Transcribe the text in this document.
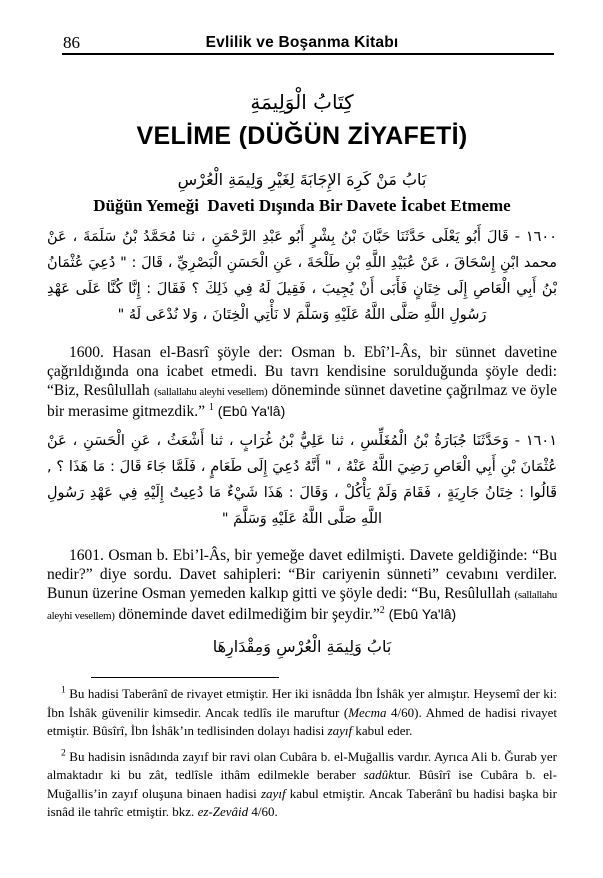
86	Evlilik ve Boşanma Kitabı
كِتَابُ الْوَلِيمَةِ
VELİME (DÜĞÜN ZİYAFETİ)
بَابُ مَنْ كَرِهَ الإِجَابَةَ لِغَيْرِ وَلِيمَةِ الْعُرْسِ
Düğün Yemeği  Daveti Dışında Bir Davete İcabet Etmeme

١٦٠٠ - قَالَ أَبُو يَعْلَى حَدَّثَنَا حَبَّانَ بْنُ بِشْرٍ أَبُو عَبْدِ الرَّحْمَنِ ، ثنا مُحَمَّدُ بْنُ سَلَمَةَ ، عَنْ محمد ابْنِ إِسْحَاقَ ، عَنْ عُبَيْدِ اللَّهِ بْنِ طَلْحَةَ ، عَنِ الْحَسَنِ الْبَصْرِيِّ ، قَالَ : " دُعِيَ عُثْمَانُ بْنُ أَبِي الْعَاصِ إِلَى خِتَانٍ فَأَبَى أَنْ يُجِيبَ ، فَقِيلَ لَهُ فِي ذَلِكَ ؟ فَقَالَ : إِنَّا كُنَّا عَلَى عَهْدِ رَسُولِ اللَّهِ صَلَّى اللَّهُ عَلَيْهِ وَسَلَّمَ لا نَأْتِي الْخِتَانَ ، وَلا نُدْعَى لَهُ "

1600. Hasan el-Basrî şöyle der: Osman b. Ebî’l-Âs, bir sünnet davetine çağrıldığında ona icabet etmedi. Bu tavrı kendisine sorulduğunda şöyle dedi: “Biz, Resûlullah (sallallahu aleyhi vesellem) döneminde sünnet davetine çağrılmaz ve öyle bir merasime gitmezdik.” $^1$ (Ebû Ya'lâ)

١٦٠١ - وَحَدَّثَنَا جُبَارَةُ بْنُ الْمُغَلِّسِ ، ثنا عَلِيُّ بْنُ غُرَابٍ ، ثنا أَشْعَثُ ، عَنِ الْحَسَنِ ، عَنْ عُثْمَانَ بْنِ أَبِي الْعَاصِ رَضِيَ اللَّهُ عَنْهُ ، " أَنَّهُ دُعِيَ إِلَى طَعَامٍ ، فَلَمَّا جَاءَ قَالَ : مَا هَذَا ؟ , قَالُوا : خِتَانُ جَارِيَةٍ ، فَقَامَ وَلَمْ يَأْكُلْ ، وَقَالَ : هَذَا شَيْءٌ مَا دُعِيتُ إِلَيْهِ فِي عَهْدِ رَسُولِ اللَّهِ صَلَّى اللَّهُ عَلَيْهِ وَسَلَّمَ "

1601. Osman b. Ebi’l-Âs, bir yemeğe davet edilmişti. Davete geldiğinde: “Bu nedir?” diye sordu. Davet sahipleri: “Bir cariyenin sünneti” cevabını verdiler. Bunun üzerine Osman yemeden kalkıp gitti ve şöyle dedi: “Bu, Resûlullah (sallallahu aleyhi vesellem) döneminde davet edilmediğim bir şeydir.”$^2$ (Ebû Ya'lâ)

بَابُ وَلِيمَةِ الْعُرْسِ وَمِقْدَارِهَا

$^1$ Bu hadisi Taberânî de rivayet etmiştir. Her iki isnâdda İbn İshâk yer almıştır. Heysemî der ki: İbn İshâk güvenilir kimsedir. Ancak tedlîs ile maruftur (Mecma 4/60). Ahmed de hadisi rivayet etmiştir. Bûsîrî, İbn İshâk’ın tedlisinden dolayı hadisi zayıf kabul eder.

$^2$ Bu hadisin isnâdında zayıf bir ravi olan Cubâra b. el-Muğallis vardır. Ayrıca Ali b. Ğurab yer almaktadır ki bu zât, tedlîsle ithâm edilmekle beraber sadûktur. Bûsîrî ise Cubâra b. el-Muğallis’in zayıf oluşuna binaen hadisi zayıf kabul etmiştir. Ancak Taberânî bu hadisi başka bir isnâd ile tahrîc etmiştir. bkz. ez-Zevâid 4/60.
